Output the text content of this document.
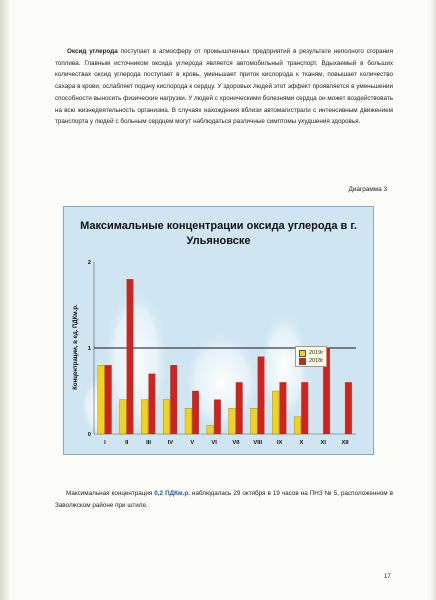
Оксид углерода поступает в атмосферу от промышленных предприятий в результате неполного сгорания топлива. Главным источником оксида углерода является автомобильный транспорт. Вдыхаемый в больших количествах оксид углерода поступает в кровь, уменьшает приток кислорода к тканям, повышает количество сахара в крови, ослабляет подачу кислорода к сердцу. У здоровых людей этот эффект проявляется в уменьшении способности выносить физические нагрузки. У людей с хроническими болезнями сердца он может воздействовать на всю жизнедеятельность организма. В случаях нахождения вблизи автомагистрали с интенсивным движением транспорта у людей с больным сердцем могут наблюдаться различные симптомы ухудшения здоровья.
Диаграмма 3
Максимальные концентрации оксида углерода в г. Ульяновске
I	II	III	IV	V	VI	VII VIII	IX	X	XI	XII
0
1
2
Концентрации, в ед. ПДКм.р.	2019г
2018г
Максимальная концентрация 0,2 ПДКм.р. наблюдалась 29 октября в 19 часов на ПНЗ № 5, расположенном в Заволжском районе при штиле.
17
